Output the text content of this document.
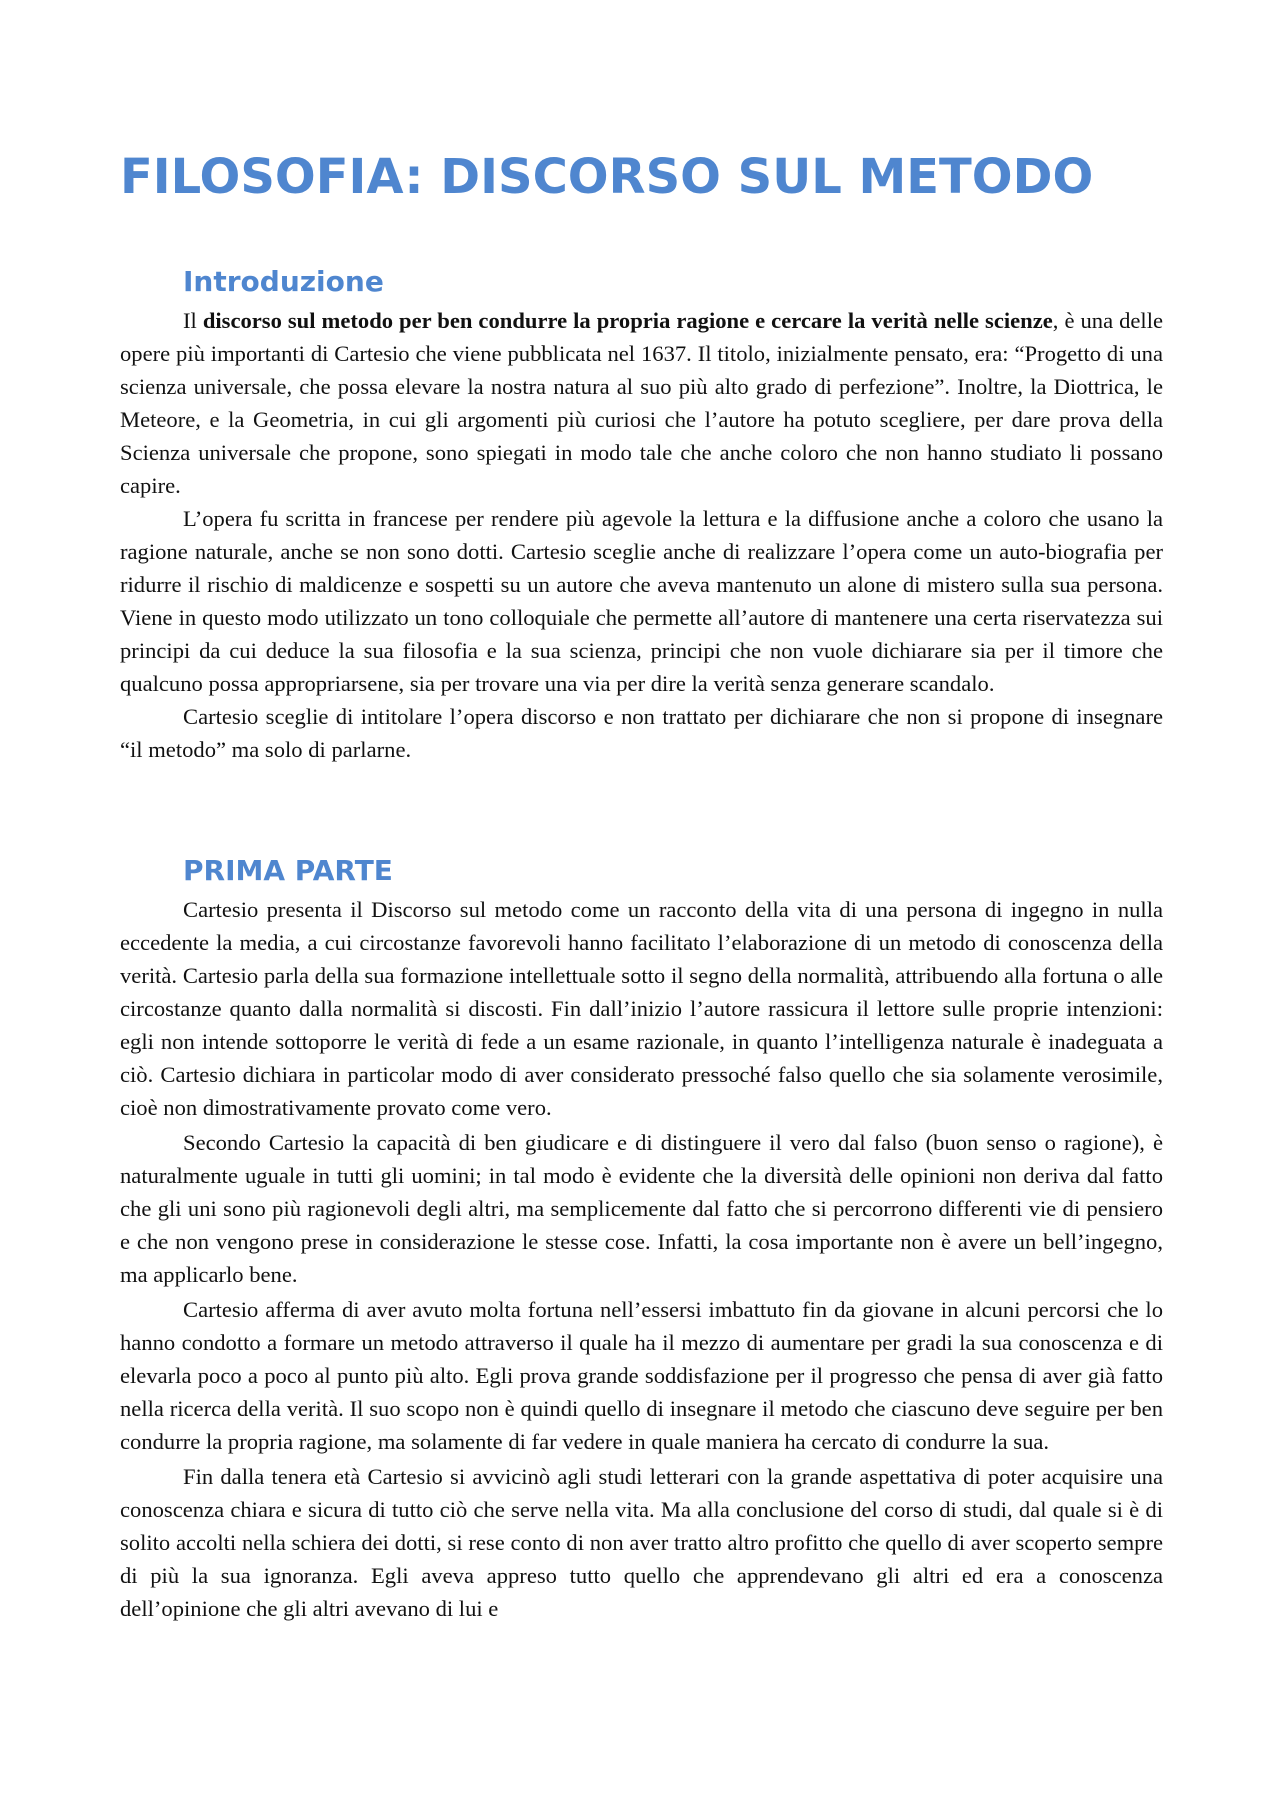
FILOSOFIA: DISCORSO SUL METODO
Introduzione

Il discorso sul metodo per ben condurre la propria ragione e cercare la verità nelle scienze, è una delle opere più importanti di Cartesio che viene pubblicata nel 1637. Il titolo, inizialmente pensato, era: “Progetto di una scienza universale, che possa elevare la nostra natura al suo più alto grado di perfezione”. Inoltre, la Diottrica, le Meteore, e la Geometria, in cui gli argomenti più curiosi che l’autore ha potuto scegliere, per dare prova della Scienza universale che propone, sono spiegati in modo tale che anche coloro che non hanno studiato li possano capire.

L’opera fu scritta in francese per rendere più agevole la lettura e la diffusione anche a coloro che usano la ragione naturale, anche se non sono dotti. Cartesio sceglie anche di realizzare l’opera come un auto-biografia per ridurre il rischio di maldicenze e sospetti su un autore che aveva mantenuto un alone di mistero sulla sua persona. Viene in questo modo utilizzato un tono colloquiale che permette all’autore di mantenere una certa riservatezza sui principi da cui deduce la sua filosofia e la sua scienza, principi che non vuole dichiarare sia per il timore che qualcuno possa appropriarsene, sia per trovare una via per dire la verità senza generare scandalo.

Cartesio sceglie di intitolare l’opera discorso e non trattato per dichiarare che non si propone di insegnare “il metodo” ma solo di parlarne.

PRIMA PARTE

Cartesio presenta il Discorso sul metodo come un racconto della vita di una persona di ingegno in nulla eccedente la media, a cui circostanze favorevoli hanno facilitato l’elaborazione di un metodo di conoscenza della verità. Cartesio parla della sua formazione intellettuale sotto il segno della normalità, attribuendo alla fortuna o alle circostanze quanto dalla normalità si discosti. Fin dall’inizio l’autore rassicura il lettore sulle proprie intenzioni: egli non intende sottoporre le verità di fede a un esame razionale, in quanto l’intelligenza naturale è inadeguata a ciò. Cartesio dichiara in particolar modo di aver considerato pressoché falso quello che sia solamente verosimile, cioè non dimostrativamente provato come vero.

Secondo Cartesio la capacità di ben giudicare e di distinguere il vero dal falso (buon senso o ragione), è naturalmente uguale in tutti gli uomini; in tal modo è evidente che la diversità delle opinioni non deriva dal fatto che gli uni sono più ragionevoli degli altri, ma semplicemente dal fatto che si percorrono differenti vie di pensiero e che non vengono prese in considerazione le stesse cose. Infatti, la cosa importante non è avere un bell’ingegno, ma applicarlo bene.

Cartesio afferma di aver avuto molta fortuna nell’essersi imbattuto fin da giovane in alcuni percorsi che lo hanno condotto a formare un metodo attraverso il quale ha il mezzo di aumentare per gradi la sua conoscenza e di elevarla poco a poco al punto più alto. Egli prova grande soddisfazione per il progresso che pensa di aver già fatto nella ricerca della verità. Il suo scopo non è quindi quello di insegnare il metodo che ciascuno deve seguire per ben condurre la propria ragione, ma solamente di far vedere in quale maniera ha cercato di condurre la sua.

Fin dalla tenera età Cartesio si avvicinò agli studi letterari con la grande aspettativa di poter acquisire una conoscenza chiara e sicura di tutto ciò che serve nella vita. Ma alla conclusione del corso di studi, dal quale si è di solito accolti nella schiera dei dotti, si rese conto di non aver tratto altro profitto che quello di aver scoperto sempre di più la sua ignoranza. Egli aveva appreso tutto quello che apprendevano gli altri ed era a conoscenza dell’opinione che gli altri avevano di lui e
